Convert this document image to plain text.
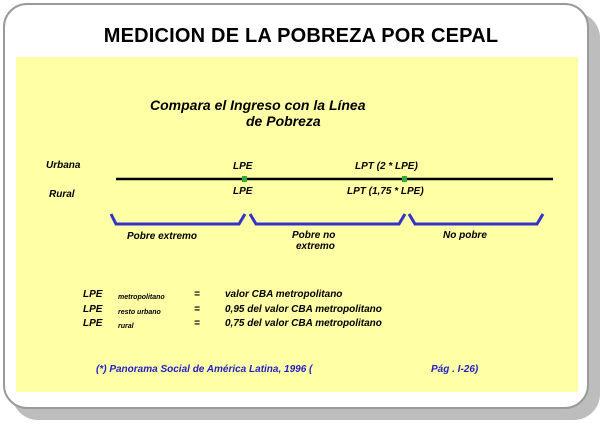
MEDICION DE LA POBREZA POR CEPAL
Compara el Ingreso con la Línea
de Pobreza
Urbana
Rural
LPE	LPT (2 * LPE)
LPE	LPT (1,75 * LPE)
Pobre extremo	Pobre no
extremo
No pobre
LPE metropolitano	=	valor CBA metropolitano
LPE resto urbano	=	0,95 del valor CBA metropolitano
LPE rural	=	0,75 del valor CBA metropolitano
(*) Panorama Social de América Latina, 1996 (	Pág . I-26)
